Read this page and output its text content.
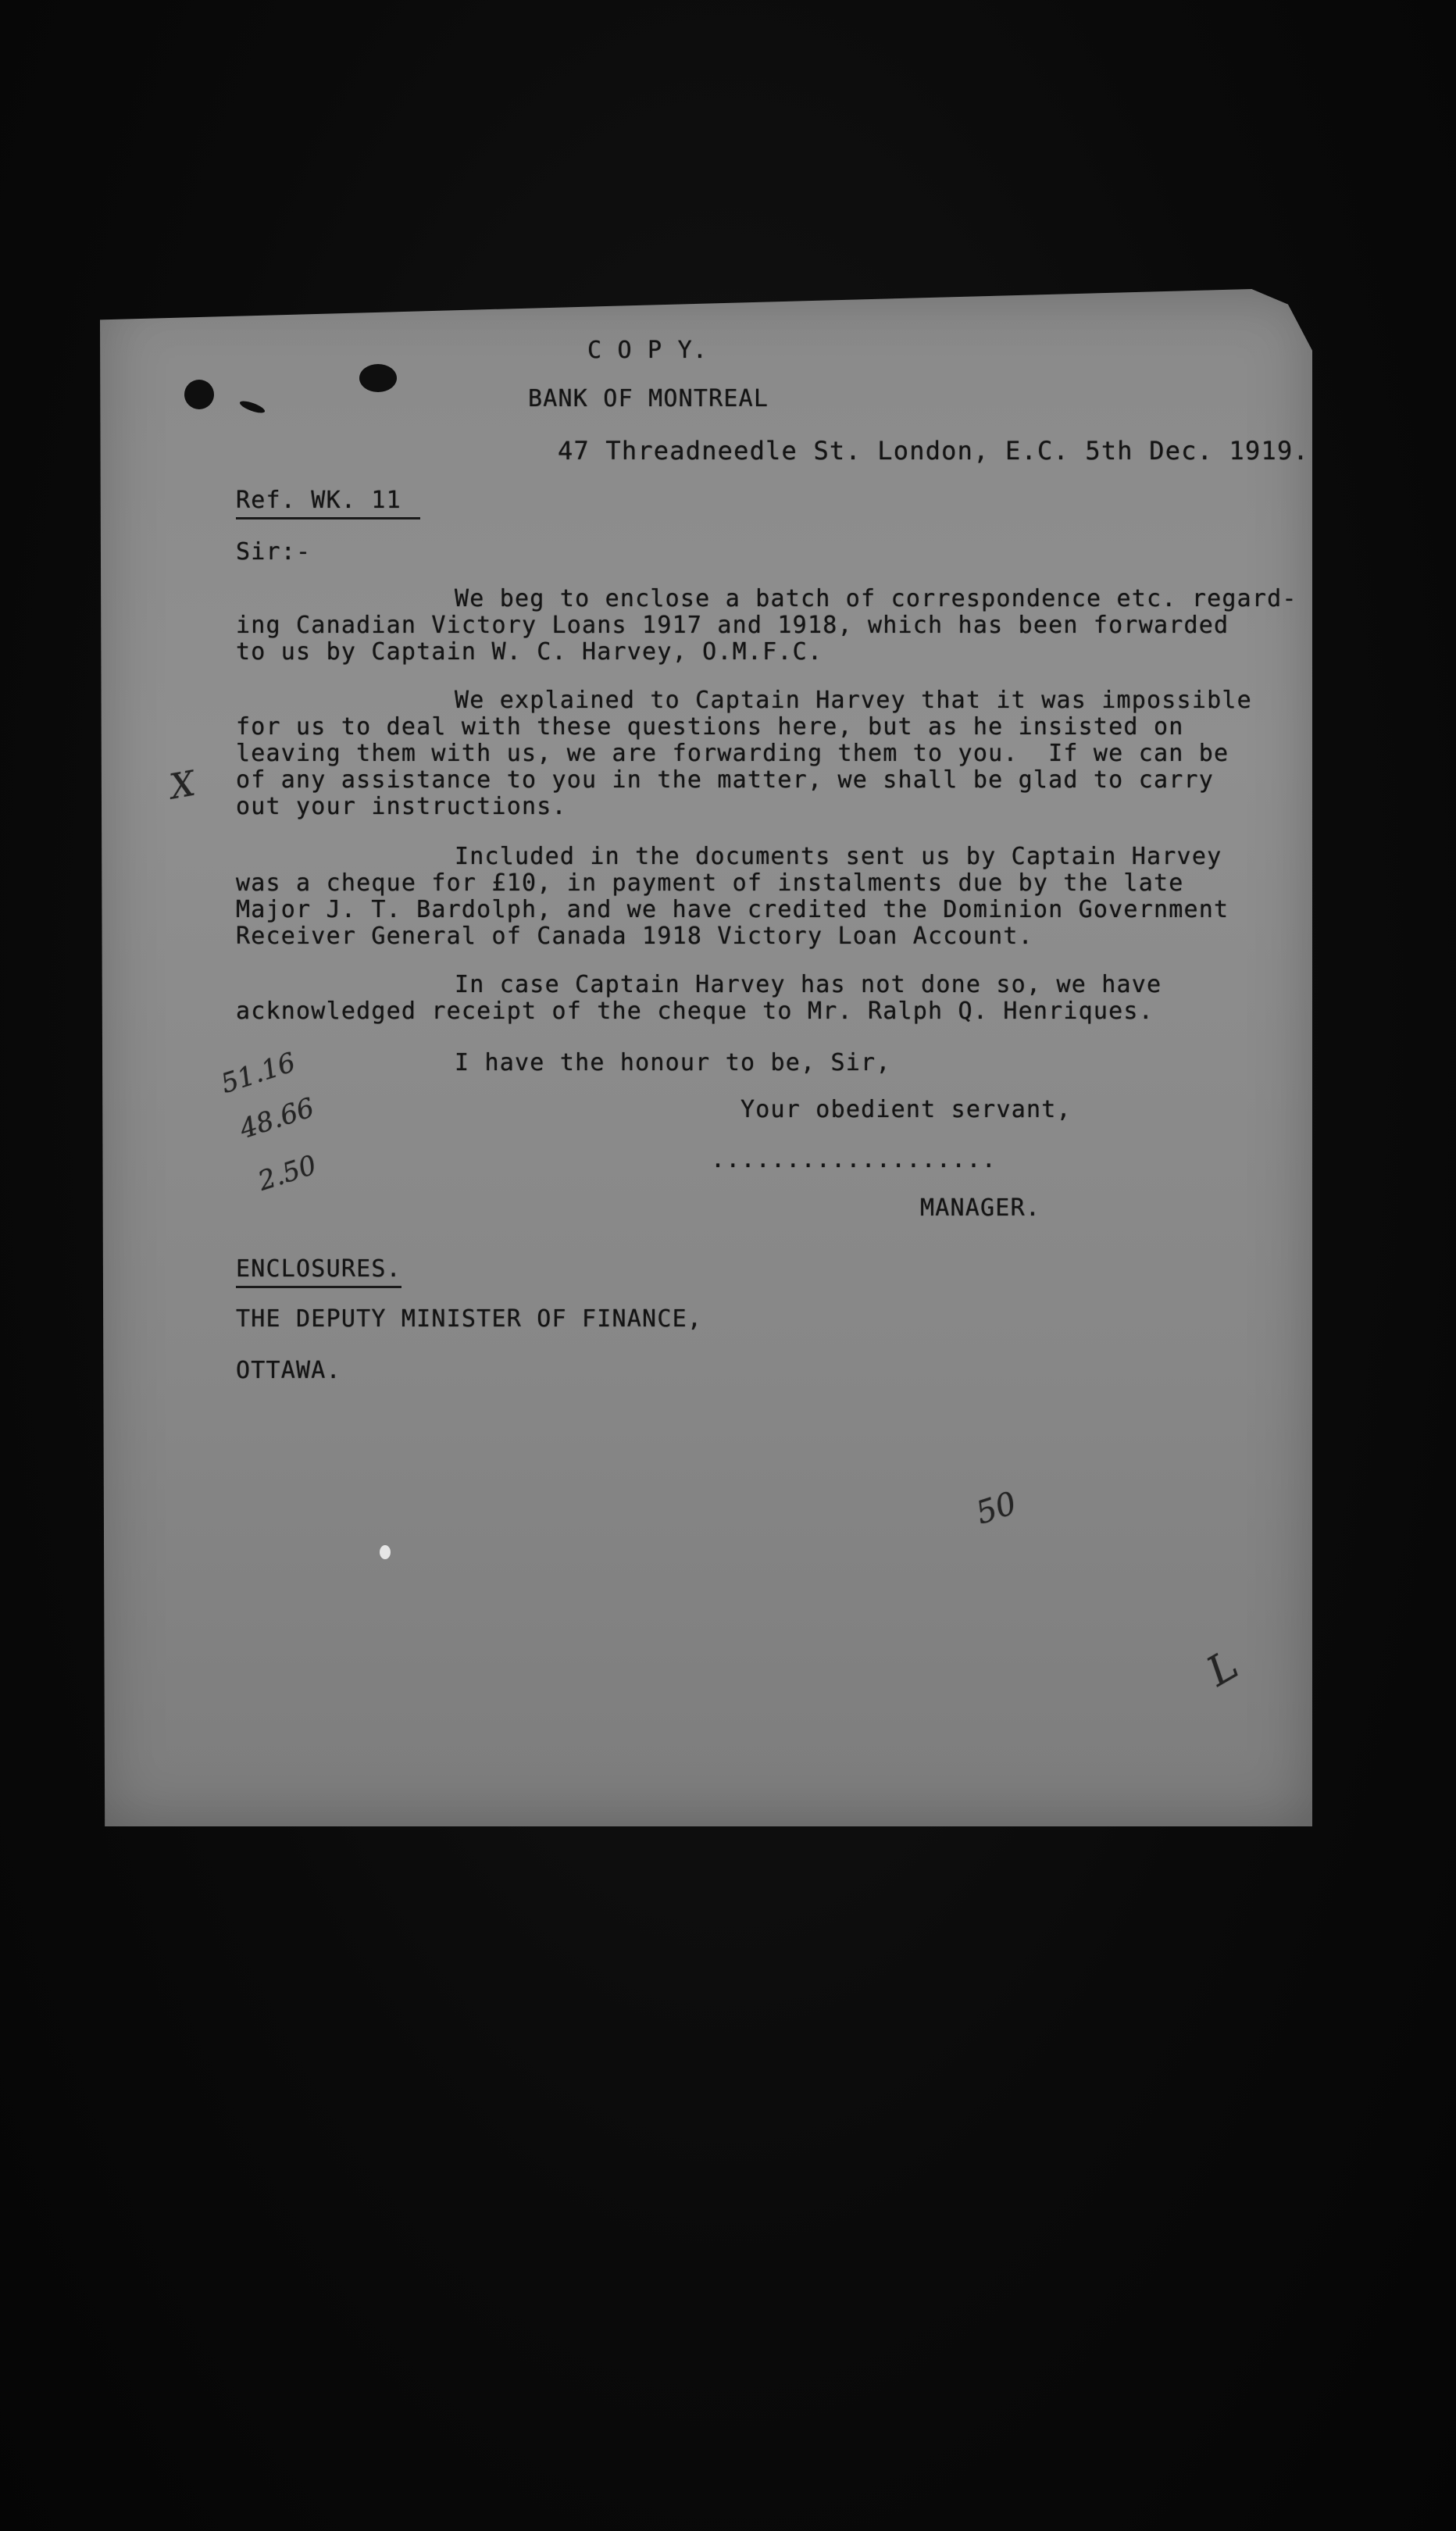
C O P Y.

BANK OF MONTREAL

47 Threadneedle St. London, E.C. 5th Dec. 1919.

Ref. WK. 11

Sir:-

We beg to enclose a batch of correspondence etc. regard-

ing Canadian Victory Loans 1917 and 1918, which has been forwarded

to us by Captain W. C. Harvey, O.M.F.C.

We explained to Captain Harvey that it was impossible

for us to deal with these questions here, but as he insisted on

leaving them with us, we are forwarding them to you.  If we can be

of any assistance to you in the matter, we shall be glad to carry

out your instructions.

Included in the documents sent us by Captain Harvey

was a cheque for £10, in payment of instalments due by the late

Major J. T. Bardolph, and we have credited the Dominion Government

Receiver General of Canada 1918 Victory Loan Account.

In case Captain Harvey has not done so, we have

acknowledged receipt of the cheque to Mr. Ralph Q. Henriques.

I have the honour to be, Sir,

Your obedient servant,

...................

MANAGER.

ENCLOSURES.

THE DEPUTY MINISTER OF FINANCE,

OTTAWA.

X
51.16
48.66
2.50
50
L
